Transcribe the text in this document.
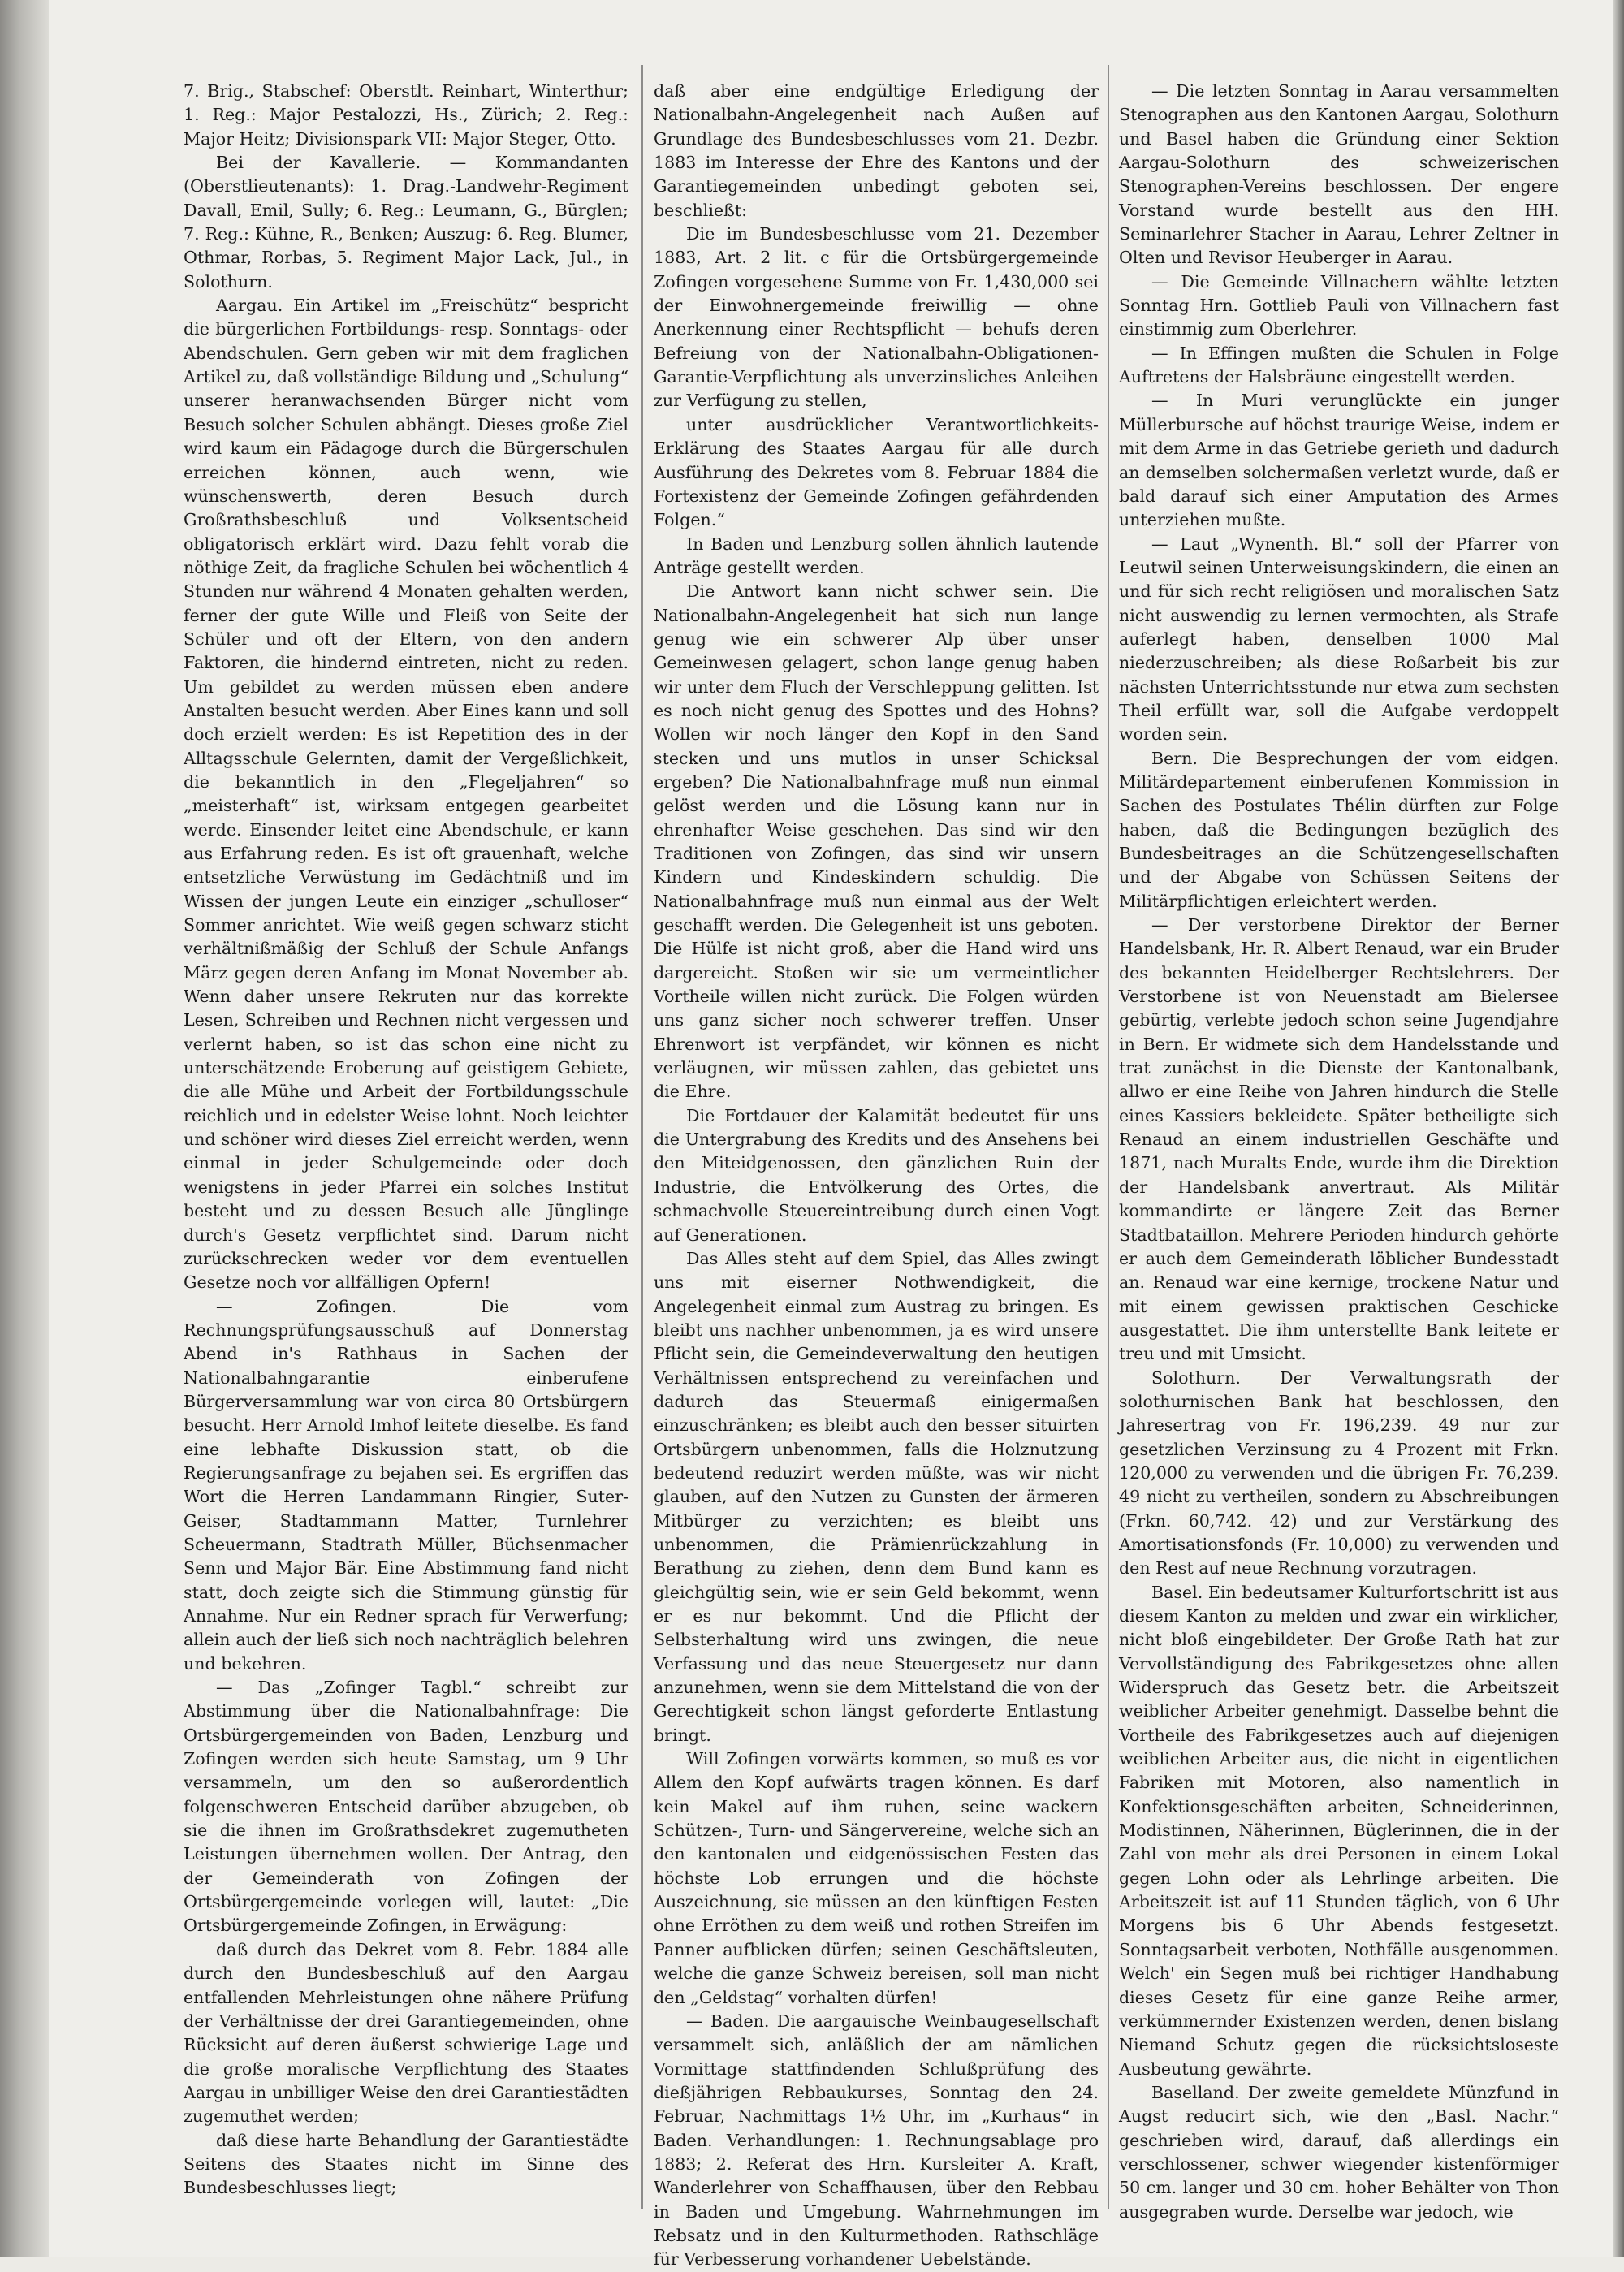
7. Brig., Stabschef: Oberstlt. Reinhart, Winterthur; 1. Reg.: Major Pestalozzi, Hs., Zürich; 2. Reg.: Major Heitz; Divisionspark VII: Major Steger, Otto.

Bei der Kavallerie. — Kommandanten (Oberstlieutenants): 1. Drag.-Landwehr-Regiment Davall, Emil, Sully; 6. Reg.: Leumann, G., Bürglen; 7. Reg.: Kühne, R., Benken; Auszug: 6. Reg. Blumer, Othmar, Rorbas, 5. Regiment Major Lack, Jul., in Solothurn.

Aargau. Ein Artikel im „Freischütz“ bespricht die bürgerlichen Fortbildungs- resp. Sonntags- oder Abendschulen. Gern geben wir mit dem fraglichen Artikel zu, daß vollständige Bildung und „Schulung“ unserer heranwachsenden Bürger nicht vom Besuch solcher Schulen abhängt. Dieses große Ziel wird kaum ein Pädagoge durch die Bürgerschulen erreichen können, auch wenn, wie wünschenswerth, deren Besuch durch Großrathsbeschluß und Volksentscheid obligatorisch erklärt wird. Dazu fehlt vorab die nöthige Zeit, da fragliche Schulen bei wöchentlich 4 Stunden nur während 4 Monaten gehalten werden, ferner der gute Wille und Fleiß von Seite der Schüler und oft der Eltern, von den andern Faktoren, die hindernd eintreten, nicht zu reden. Um gebildet zu werden müssen eben andere Anstalten besucht werden. Aber Eines kann und soll doch erzielt werden: Es ist Repetition des in der Alltagsschule Gelernten, damit der Vergeßlichkeit, die bekanntlich in den „Flegeljahren“ so „meisterhaft“ ist, wirksam entgegen gearbeitet werde. Einsender leitet eine Abendschule, er kann aus Erfahrung reden. Es ist oft grauenhaft, welche entsetzliche Verwüstung im Gedächtniß und im Wissen der jungen Leute ein einziger „schulloser“ Sommer anrichtet. Wie weiß gegen schwarz sticht verhältnißmäßig der Schluß der Schule Anfangs März gegen deren Anfang im Monat November ab. Wenn daher unsere Rekruten nur das korrekte Lesen, Schreiben und Rechnen nicht vergessen und verlernt haben, so ist das schon eine nicht zu unterschätzende Eroberung auf geistigem Gebiete, die alle Mühe und Arbeit der Fortbildungsschule reichlich und in edelster Weise lohnt. Noch leichter und schöner wird dieses Ziel erreicht werden, wenn einmal in jeder Schulgemeinde oder doch wenigstens in jeder Pfarrei ein solches Institut besteht und zu dessen Besuch alle Jünglinge durch's Gesetz verpflichtet sind. Darum nicht zurückschrecken weder vor dem eventuellen Gesetze noch vor allfälligen Opfern!

— Zofingen. Die vom Rechnungsprüfungsausschuß auf Donnerstag Abend in's Rathhaus in Sachen der Nationalbahngarantie einberufene Bürgerversammlung war von circa 80 Ortsbürgern besucht. Herr Arnold Imhof leitete dieselbe. Es fand eine lebhafte Diskussion statt, ob die Regierungsanfrage zu bejahen sei. Es ergriffen das Wort die Herren Landammann Ringier, Suter-Geiser, Stadtammann Matter, Turnlehrer Scheuermann, Stadtrath Müller, Büchsenmacher Senn und Major Bär. Eine Abstimmung fand nicht statt, doch zeigte sich die Stimmung günstig für Annahme. Nur ein Redner sprach für Verwerfung; allein auch der ließ sich noch nachträglich belehren und bekehren.

— Das „Zofinger Tagbl.“ schreibt zur Abstimmung über die Nationalbahnfrage: Die Ortsbürgergemeinden von Baden, Lenzburg und Zofingen werden sich heute Samstag, um 9 Uhr versammeln, um den so außerordentlich folgenschweren Entscheid darüber abzugeben, ob sie die ihnen im Großrathsdekret zugemutheten Leistungen übernehmen wollen. Der Antrag, den der Gemeinderath von Zofingen der Ortsbürgergemeinde vorlegen will, lautet: „Die Ortsbürgergemeinde Zofingen, in Erwägung:

daß durch das Dekret vom 8. Febr. 1884 alle durch den Bundesbeschluß auf den Aargau entfallenden Mehrleistungen ohne nähere Prüfung der Verhältnisse der drei Garantiegemeinden, ohne Rücksicht auf deren äußerst schwierige Lage und die große moralische Verpflichtung des Staates Aargau in unbilliger Weise den drei Garantiestädten zugemuthet werden;

daß diese harte Behandlung der Garantiestädte Seitens des Staates nicht im Sinne des Bundesbeschlusses liegt;

daß aber eine endgültige Erledigung der Nationalbahn-Angelegenheit nach Außen auf Grundlage des Bundesbeschlusses vom 21. Dezbr. 1883 im Interesse der Ehre des Kantons und der Garantiegemeinden unbedingt geboten sei, beschließt:

Die im Bundesbeschlusse vom 21. Dezember 1883, Art. 2 lit. c für die Ortsbürgergemeinde Zofingen vorgesehene Summe von Fr. 1,430,000 sei der Einwohnergemeinde freiwillig — ohne Anerkennung einer Rechtspflicht — behufs deren Befreiung von der Nationalbahn-Obligationen-Garantie-Verpflichtung als unverzinsliches Anleihen zur Verfügung zu stellen,

unter ausdrücklicher Verantwortlichkeits-Erklärung des Staates Aargau für alle durch Ausführung des Dekretes vom 8. Februar 1884 die Fortexistenz der Gemeinde Zofingen gefährdenden Folgen.“

In Baden und Lenzburg sollen ähnlich lautende Anträge gestellt werden.

Die Antwort kann nicht schwer sein. Die Nationalbahn-Angelegenheit hat sich nun lange genug wie ein schwerer Alp über unser Gemeinwesen gelagert, schon lange genug haben wir unter dem Fluch der Verschleppung gelitten. Ist es noch nicht genug des Spottes und des Hohns? Wollen wir noch länger den Kopf in den Sand stecken und uns mutlos in unser Schicksal ergeben? Die Nationalbahnfrage muß nun einmal gelöst werden und die Lösung kann nur in ehrenhafter Weise geschehen. Das sind wir den Traditionen von Zofingen, das sind wir unsern Kindern und Kindeskindern schuldig. Die Nationalbahnfrage muß nun einmal aus der Welt geschafft werden. Die Gelegenheit ist uns geboten. Die Hülfe ist nicht groß, aber die Hand wird uns dargereicht. Stoßen wir sie um vermeintlicher Vortheile willen nicht zurück. Die Folgen würden uns ganz sicher noch schwerer treffen. Unser Ehrenwort ist verpfändet, wir können es nicht verläugnen, wir müssen zahlen, das gebietet uns die Ehre.

Die Fortdauer der Kalamität bedeutet für uns die Untergrabung des Kredits und des Ansehens bei den Miteidgenossen, den gänzlichen Ruin der Industrie, die Entvölkerung des Ortes, die schmachvolle Steuereintreibung durch einen Vogt auf Generationen.

Das Alles steht auf dem Spiel, das Alles zwingt uns mit eiserner Nothwendigkeit, die Angelegenheit einmal zum Austrag zu bringen. Es bleibt uns nachher unbenommen, ja es wird unsere Pflicht sein, die Gemeindeverwaltung den heutigen Verhältnissen entsprechend zu vereinfachen und dadurch das Steuermaß einigermaßen einzuschränken; es bleibt auch den besser situirten Ortsbürgern unbenommen, falls die Holznutzung bedeutend reduzirt werden müßte, was wir nicht glauben, auf den Nutzen zu Gunsten der ärmeren Mitbürger zu verzichten; es bleibt uns unbenommen, die Prämienrückzahlung in Berathung zu ziehen, denn dem Bund kann es gleichgültig sein, wie er sein Geld bekommt, wenn er es nur bekommt. Und die Pflicht der Selbsterhaltung wird uns zwingen, die neue Verfassung und das neue Steuergesetz nur dann anzunehmen, wenn sie dem Mittelstand die von der Gerechtigkeit schon längst geforderte Entlastung bringt.

Will Zofingen vorwärts kommen, so muß es vor Allem den Kopf aufwärts tragen können. Es darf kein Makel auf ihm ruhen, seine wackern Schützen-, Turn- und Sängervereine, welche sich an den kantonalen und eidgenössischen Festen das höchste Lob errungen und die höchste Auszeichnung, sie müssen an den künftigen Festen ohne Erröthen zu dem weiß und rothen Streifen im Panner aufblicken dürfen; seinen Geschäftsleuten, welche die ganze Schweiz bereisen, soll man nicht den „Geldstag“ vorhalten dürfen!

— Baden. Die aargauische Weinbaugesellschaft versammelt sich, anläßlich der am nämlichen Vormittage stattfindenden Schlußprüfung des dießjährigen Rebbaukurses, Sonntag den 24. Februar, Nachmittags 1½ Uhr, im „Kurhaus“ in Baden. Verhandlungen: 1. Rechnungsablage pro 1883; 2. Referat des Hrn. Kursleiter A. Kraft, Wanderlehrer von Schaffhausen, über den Rebbau in Baden und Umgebung. Wahrnehmungen im Rebsatz und in den Kulturmethoden. Rathschläge für Verbesserung vorhandener Uebelstände.

— Die letzten Sonntag in Aarau versammelten Stenographen aus den Kantonen Aargau, Solothurn und Basel haben die Gründung einer Sektion Aargau-Solothurn des schweizerischen Stenographen-Vereins beschlossen. Der engere Vorstand wurde bestellt aus den HH. Seminarlehrer Stacher in Aarau, Lehrer Zeltner in Olten und Revisor Heuberger in Aarau.

— Die Gemeinde Villnachern wählte letzten Sonntag Hrn. Gottlieb Pauli von Villnachern fast einstimmig zum Oberlehrer.

— In Effingen mußten die Schulen in Folge Auftretens der Halsbräune eingestellt werden.

— In Muri verunglückte ein junger Müllerbursche auf höchst traurige Weise, indem er mit dem Arme in das Getriebe gerieth und dadurch an demselben solchermaßen verletzt wurde, daß er bald darauf sich einer Amputation des Armes unterziehen mußte.

— Laut „Wynenth. Bl.“ soll der Pfarrer von Leutwil seinen Unterweisungskindern, die einen an und für sich recht religiösen und moralischen Satz nicht auswendig zu lernen vermochten, als Strafe auferlegt haben, denselben 1000 Mal niederzuschreiben; als diese Roßarbeit bis zur nächsten Unterrichtsstunde nur etwa zum sechsten Theil erfüllt war, soll die Aufgabe verdoppelt worden sein.

Bern. Die Besprechungen der vom eidgen. Militärdepartement einberufenen Kommission in Sachen des Postulates Thélin dürften zur Folge haben, daß die Bedingungen bezüglich des Bundesbeitrages an die Schützengesellschaften und der Abgabe von Schüssen Seitens der Militärpflichtigen erleichtert werden.

— Der verstorbene Direktor der Berner Handelsbank, Hr. R. Albert Renaud, war ein Bruder des bekannten Heidelberger Rechtslehrers. Der Verstorbene ist von Neuenstadt am Bielersee gebürtig, verlebte jedoch schon seine Jugendjahre in Bern. Er widmete sich dem Handelsstande und trat zunächst in die Dienste der Kantonalbank, allwo er eine Reihe von Jahren hindurch die Stelle eines Kassiers bekleidete. Später betheiligte sich Renaud an einem industriellen Geschäfte und 1871, nach Muralts Ende, wurde ihm die Direktion der Handelsbank anvertraut. Als Militär kommandirte er längere Zeit das Berner Stadtbataillon. Mehrere Perioden hindurch gehörte er auch dem Gemeinderath löblicher Bundesstadt an. Renaud war eine kernige, trockene Natur und mit einem gewissen praktischen Geschicke ausgestattet. Die ihm unterstellte Bank leitete er treu und mit Umsicht.

Solothurn. Der Verwaltungsrath der solothurnischen Bank hat beschlossen, den Jahresertrag von Fr. 196,239. 49 nur zur gesetzlichen Verzinsung zu 4 Prozent mit Frkn. 120,000 zu verwenden und die übrigen Fr. 76,239. 49 nicht zu vertheilen, sondern zu Abschreibungen (Frkn. 60,742. 42) und zur Verstärkung des Amortisationsfonds (Fr. 10,000) zu verwenden und den Rest auf neue Rechnung vorzutragen.

Basel. Ein bedeutsamer Kulturfortschritt ist aus diesem Kanton zu melden und zwar ein wirklicher, nicht bloß eingebildeter. Der Große Rath hat zur Vervollständigung des Fabrikgesetzes ohne allen Widerspruch das Gesetz betr. die Arbeitszeit weiblicher Arbeiter genehmigt. Dasselbe behnt die Vortheile des Fabrikgesetzes auch auf diejenigen weiblichen Arbeiter aus, die nicht in eigentlichen Fabriken mit Motoren, also namentlich in Konfektionsgeschäften arbeiten, Schneiderinnen, Modistinnen, Näherinnen, Büglerinnen, die in der Zahl von mehr als drei Personen in einem Lokal gegen Lohn oder als Lehrlinge arbeiten. Die Arbeitszeit ist auf 11 Stunden täglich, von 6 Uhr Morgens bis 6 Uhr Abends festgesetzt. Sonntagsarbeit verboten, Nothfälle ausgenommen. Welch' ein Segen muß bei richtiger Handhabung dieses Gesetz für eine ganze Reihe armer, verkümmernder Existenzen werden, denen bislang Niemand Schutz gegen die rücksichtsloseste Ausbeutung gewährte.

Baselland. Der zweite gemeldete Münzfund in Augst reducirt sich, wie den „Basl. Nachr.“ geschrieben wird, darauf, daß allerdings ein verschlossener, schwer wiegender kistenförmiger 50 cm. langer und 30 cm. hoher Behälter von Thon ausgegraben wurde. Derselbe war jedoch, wie
